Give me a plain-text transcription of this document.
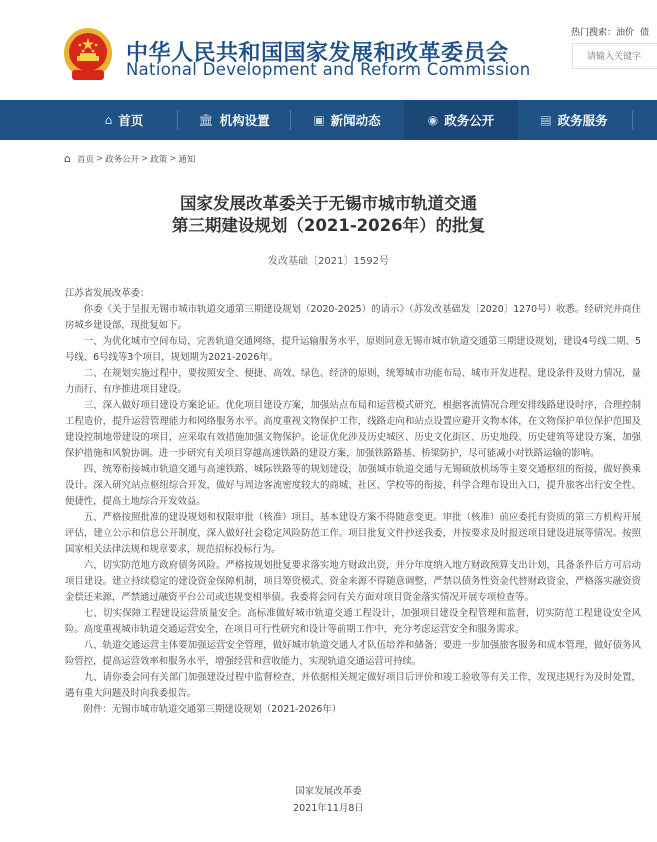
中华人民共和国国家发展和改革委员会
National Development and Reform Commission
热门搜索：油价 债
请输入关键字
⌂ 首页	🏛︎ 机构设置	▣ 新闻动态	◉ 政务公开	▤ 政务服务
⌂ 首页 > 政务公开 > 政策 > 通知
国家发展改革委关于无锡市城市轨道交通
第三期建设规划（2021-2026年）的批复
发改基础〔2021〕1592号

江苏省发展改革委：

你委《关于呈报无锡市城市轨道交通第三期建设规划（2020-2025）的请示》（苏发改基础发〔2020〕1270号）收悉。经研究并商住房城乡建设部，现批复如下。

一、为优化城市空间布局，完善轨道交通网络，提升运输服务水平，原则同意无锡市城市轨道交通第三期建设规划，建设4号线二期、5号线、6号线等3个项目，规划期为2021-2026年。

二、在规划实施过程中，要按照安全、便捷、高效、绿色、经济的原则，统筹城市功能布局、城市开发进程、建设条件及财力情况，量力而行、有序推进项目建设。

三、深入做好项目建设方案论证。优化项目建设方案，加强站点布局和运营模式研究，根据客流情况合理安排线路建设时序，合理控制工程造价，提升运营管理能力和网络服务水平。高度重视文物保护工作，线路走向和站点设置应避开文物本体，在文物保护单位保护范围及建设控制地带建设的项目，应采取有效措施加强文物保护。论证优化涉及历史城区、历史文化街区、历史地段、历史建筑等建设方案，加强保护措施和风貌协调。进一步研究有关项目穿越高速铁路的建设方案，加强铁路路基、桥梁防护，尽可能减小对铁路运输的影响。

四、统筹衔接城市轨道交通与高速铁路、城际铁路等的规划建设，加强城市轨道交通与无锡硕放机场等主要交通枢纽的衔接，做好换乘设计。深入研究站点枢纽综合开发，做好与周边客流密度较大的商城、社区、学校等的衔接，科学合理布设出入口，提升旅客出行安全性、便捷性，提高土地综合开发效益。

五、严格按照批准的建设规划和权限审批（核准）项目，基本建设方案不得随意变更。审批（核准）前应委托有资质的第三方机构开展评估，建立公示和信息公开制度，深入做好社会稳定风险防范工作。项目批复文件抄送我委，并按要求及时报送项目建设进展等情况。按照国家相关法律法规和规章要求，规范招标投标行为。

六、切实防范地方政府债务风险。严格按规划批复要求落实地方财政出资，并分年度纳入地方财政预算支出计划，具备条件后方可启动项目建设。建立持续稳定的建设资金保障机制，项目筹资模式、资金来源不得随意调整，严禁以债务性资金代替财政资金，严格落实融资资金偿还来源，严禁通过融资平台公司或违规变相举债。我委将会同有关方面对项目资金落实情况开展专项检查等。

七、切实保障工程建设运营质量安全。高标准做好城市轨道交通工程设计，加强项目建设全程管理和监督，切实防范工程建设安全风险。高度重视城市轨道交通运营安全，在项目可行性研究和设计等前期工作中，充分考虑运营安全和服务需求。

八、轨道交通运营主体要加强运营安全管理，做好城市轨道交通人才队伍培养和储备；要进一步加强旅客服务和成本管理，做好债务风险管控，提高运营效率和服务水平，增强经营和营收能力，实现轨道交通运营可持续。

九、请你委会同有关部门加强建设过程中监督检查，并依据相关规定做好项目后评价和竣工验收等有关工作，发现违规行为及时处置，遇有重大问题及时向我委报告。

附件：无锡市城市轨道交通第三期建设规划（2021-2026年）

国家发展改革委
2021年11月8日
